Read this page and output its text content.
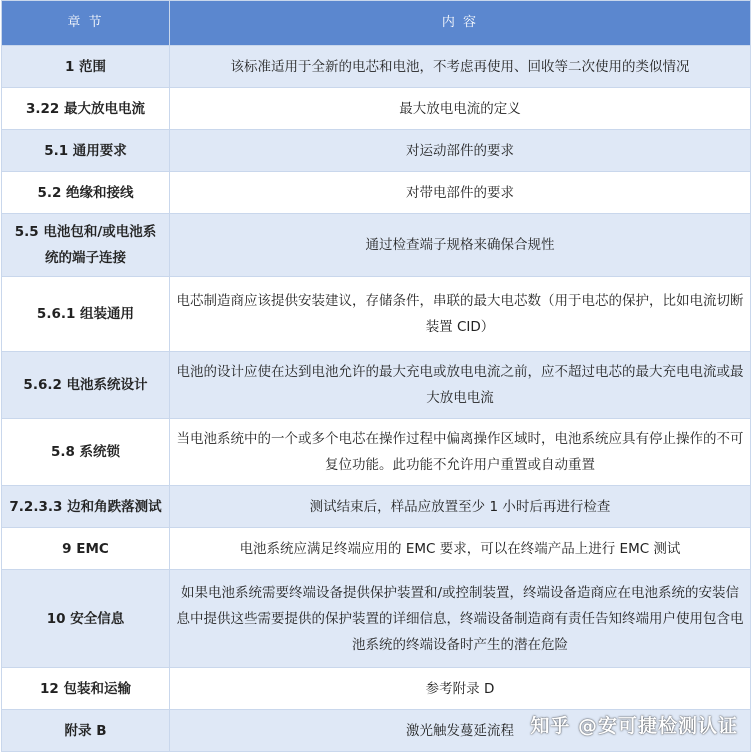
章 节	内 容
1 范围	该标准适用于全新的电芯和电池，不考虑再使用、回收等二次使用的类似情况
3.22 最大放电电流	最大放电电流的定义
5.1 通用要求	对运动部件的要求
5.2 绝缘和接线	对带电部件的要求
5.5 电池包和/或电池系统的端子连接	通过检查端子规格来确保合规性
5.6.1 组装通用	电芯制造商应该提供安装建议，存储条件，串联的最大电芯数（用于电芯的保护，比如电流切断装置 CID）
5.6.2 电池系统设计	电池的设计应使在达到电池允许的最大充电或放电电流之前，应不超过电芯的最大充电电流或最大放电电流
5.8 系统锁	当电池系统中的一个或多个电芯在操作过程中偏离操作区域时，电池系统应具有停止操作的不可复位功能。此功能不允许用户重置或自动重置
7.2.3.3 边和角跌落测试	测试结束后，样品应放置至少 1 小时后再进行检查
9 EMC	电池系统应满足终端应用的 EMC 要求，可以在终端产品上进行 EMC 测试
10 安全信息	如果电池系统需要终端设备提供保护装置和/或控制装置，终端设备造商应在电池系统的安装信息中提供这些需要提供的保护装置的详细信息，终端设备制造商有责任告知终端用户使用包含电池系统的终端设备时产生的潜在危险
12 包装和运输	参考附录 D
附录 B	激光触发蔓延流程 知乎 @安可捷检测认证
